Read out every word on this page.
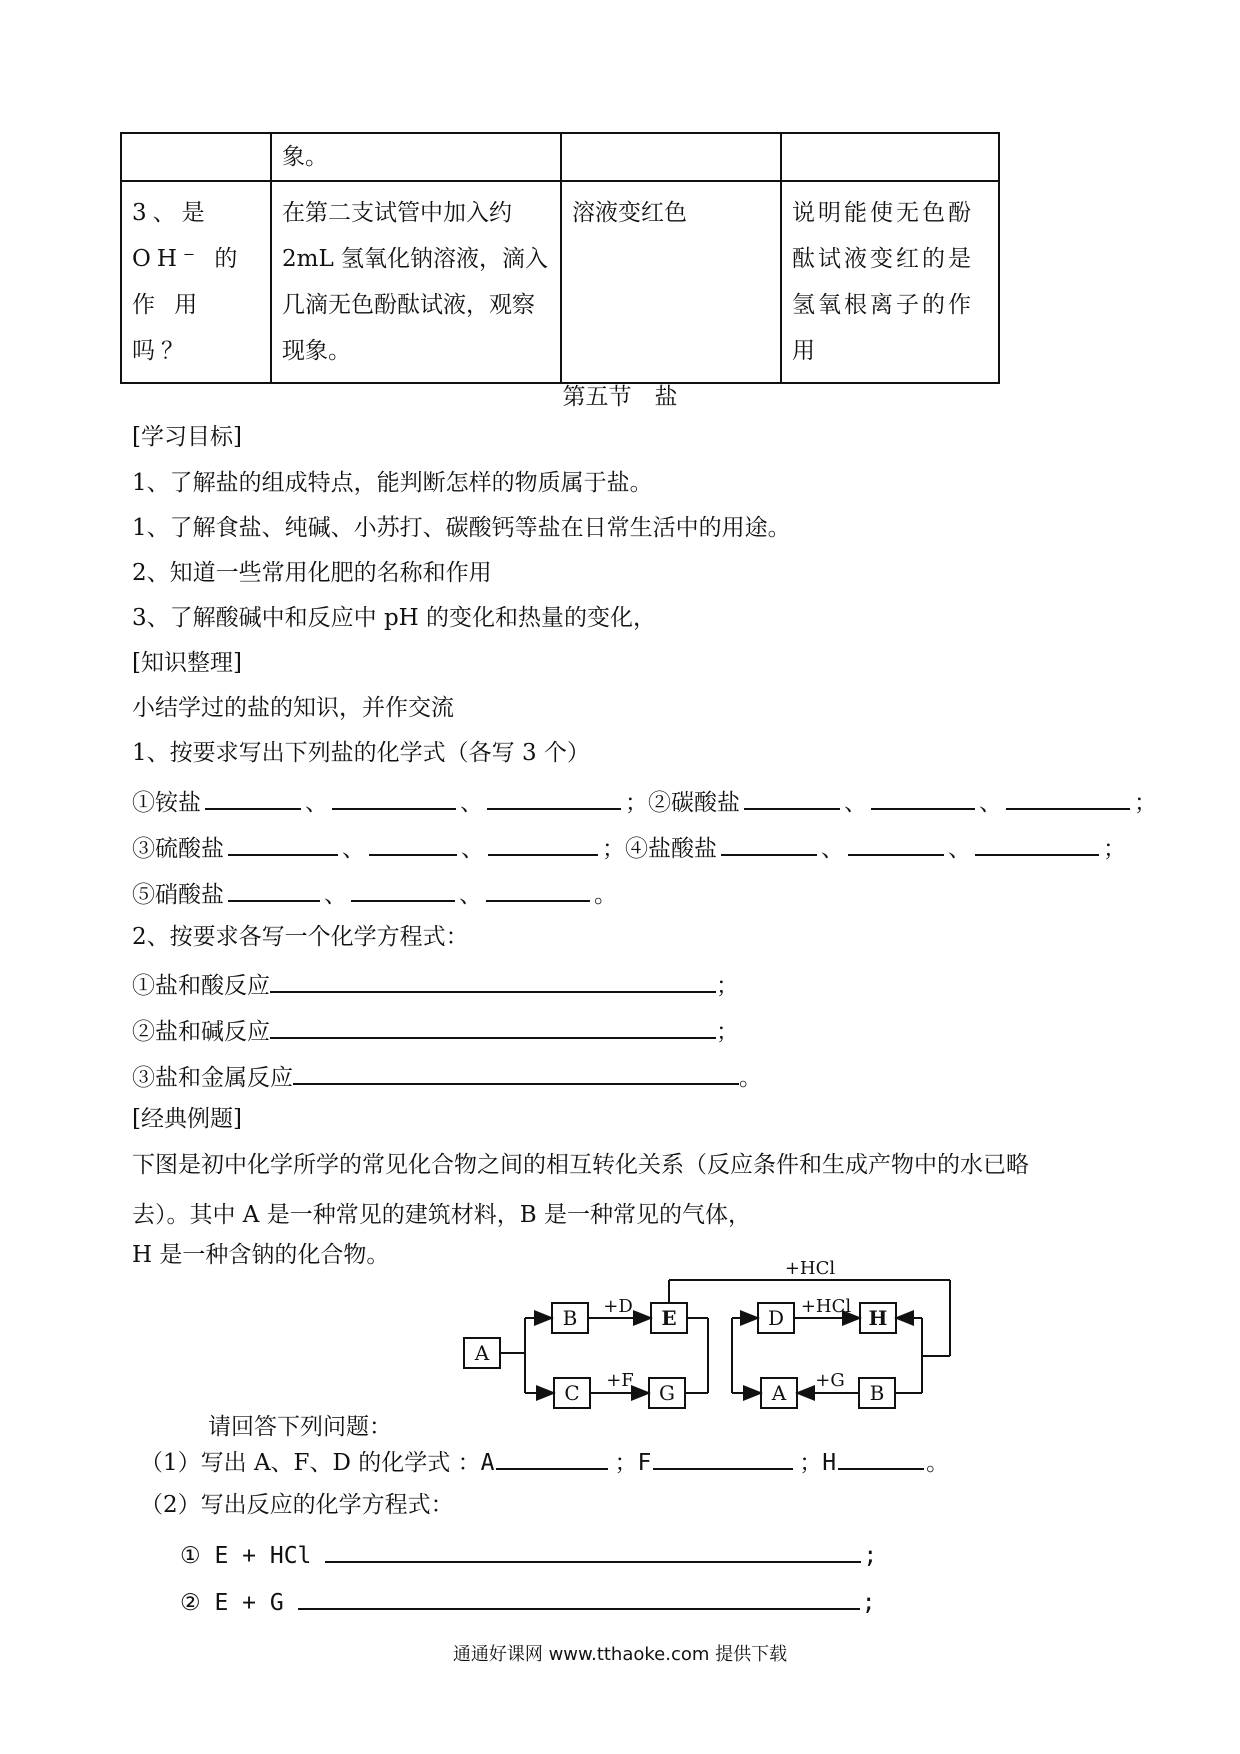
	象。		
3、是 OH⁻ 的 作 用 吗？	在第二支试管中加入约 2mL 氢氧化钠溶液，滴入几滴无色酚酞试液，观察现象。	溶液变红色	说明能使无色酚酞试液变红的是氢氧根离子的作用
第五节　盐
[学习目标]
1、了解盐的组成特点，能判断怎样的物质属于盐。
1、了解食盐、纯碱、小苏打、碳酸钙等盐在日常生活中的用途。
2、知道一些常用化肥的名称和作用
3、了解酸碱中和反应中 pH 的变化和热量的变化，
[知识整理]
小结学过的盐的知识，并作交流
1、按要求写出下列盐的化学式（各写 3 个）
①铵盐	、	、	；②碳酸盐	、	、	；
③硫酸盐	、	、	；④盐酸盐	、	、	；
⑤硝酸盐	、	、	。
2、按要求各写一个化学方程式：
①盐和酸反应	；
②盐和碱反应	；
③盐和金属反应	。
[经典例题]
下图是初中化学所学的常见化合物之间的相互转化关系（反应条件和生成产物中的水已略
去）。其中 A 是一种常见的建筑材料，B 是一种常见的气体，
H 是一种含钠的化合物。
A
B	E
C	G
D	H
A	B
+D
+F
+HCl
+HCl
+G
请回答下列问题：
（1）写出 A、F、D 的化学式 ：A	；F	；H	。
（2）写出反应的化学方程式：
① E + HCl	;
② E + G	;
通通好课网 www.tthaoke.com 提供下载
